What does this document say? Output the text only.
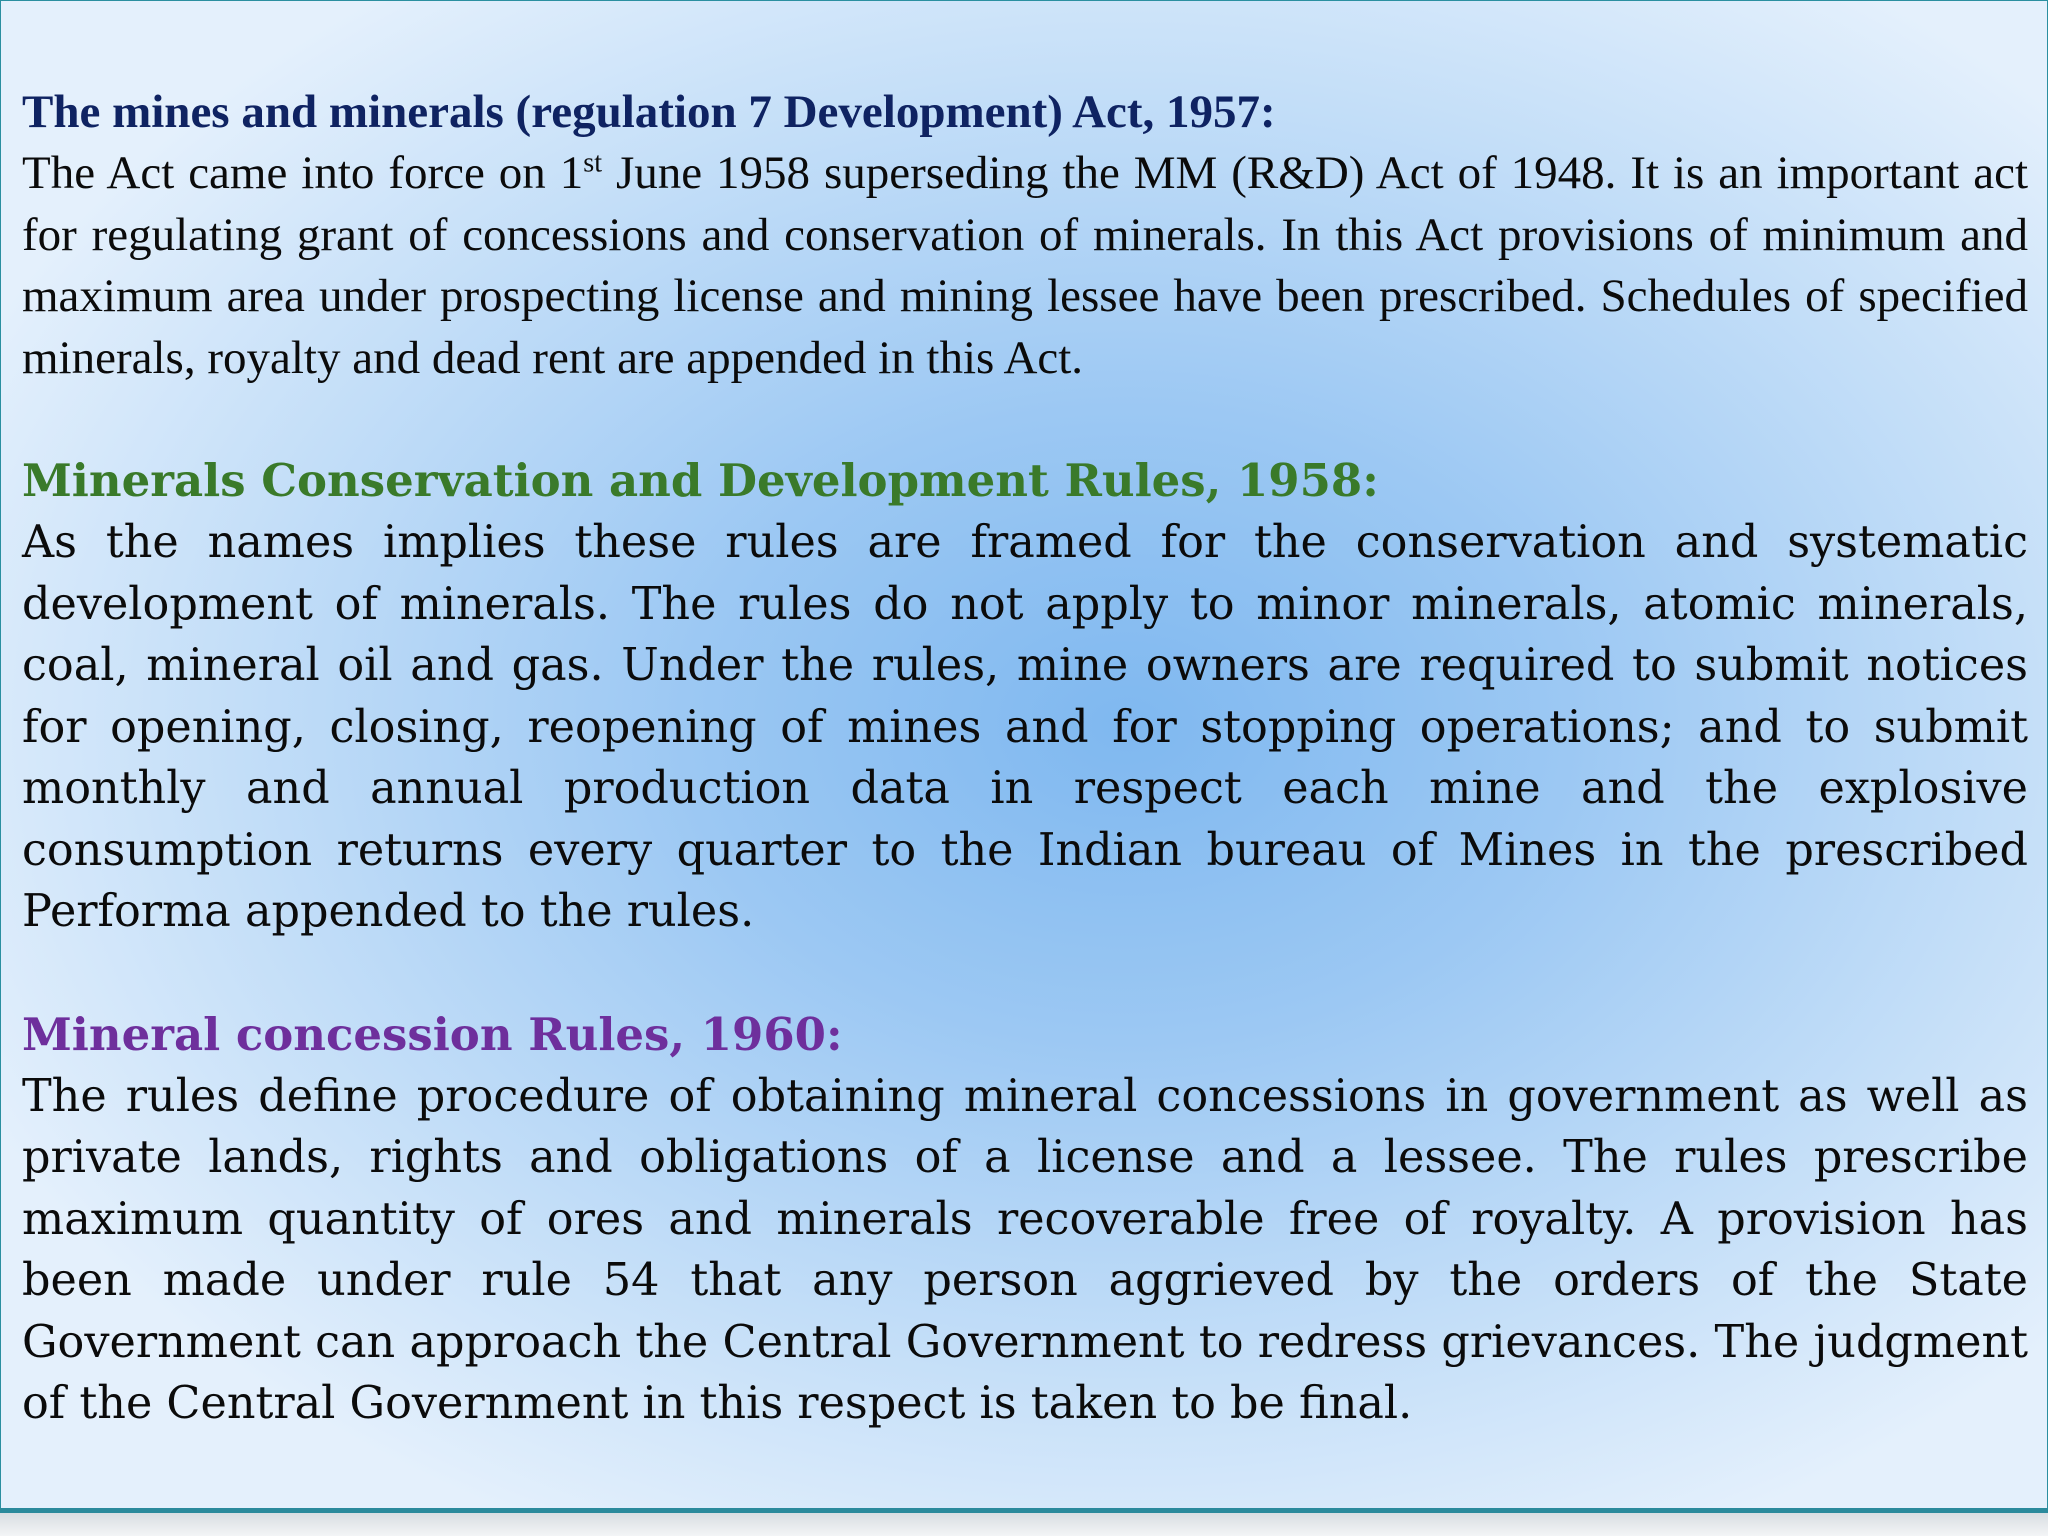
The mines and minerals (regulation 7 Development) Act, 1957:

The Act came into force on 1st June 1958 superseding the MM (R&D) Act of 1948. It is an important act for regulating grant of concessions and conservation of minerals. In this Act provisions of minimum and maximum area under prospecting license and mining lessee have been prescribed. Schedules of specified minerals, royalty and dead rent are appended in this Act.

Minerals Conservation and Development Rules, 1958:

As the names implies these rules are framed for the conservation and systematic development of minerals. The rules do not apply to minor minerals, atomic minerals, coal, mineral oil and gas. Under the rules, mine owners are required to submit notices for opening, closing, reopening of mines and for stopping operations; and to submit monthly and annual production data in respect each mine and the explosive consumption returns every quarter to the Indian bureau of Mines in the prescribed Performa appended to the rules.

Mineral concession Rules, 1960:

The rules define procedure of obtaining mineral concessions in government as well as private lands, rights and obligations of a license and a lessee. The rules prescribe maximum quantity of ores and minerals recoverable free of royalty. A provision has been made under rule 54 that any person aggrieved by the orders of the State Government can approach the Central Government to redress grievances. The judgment of the Central Government in this respect is taken to be final.
